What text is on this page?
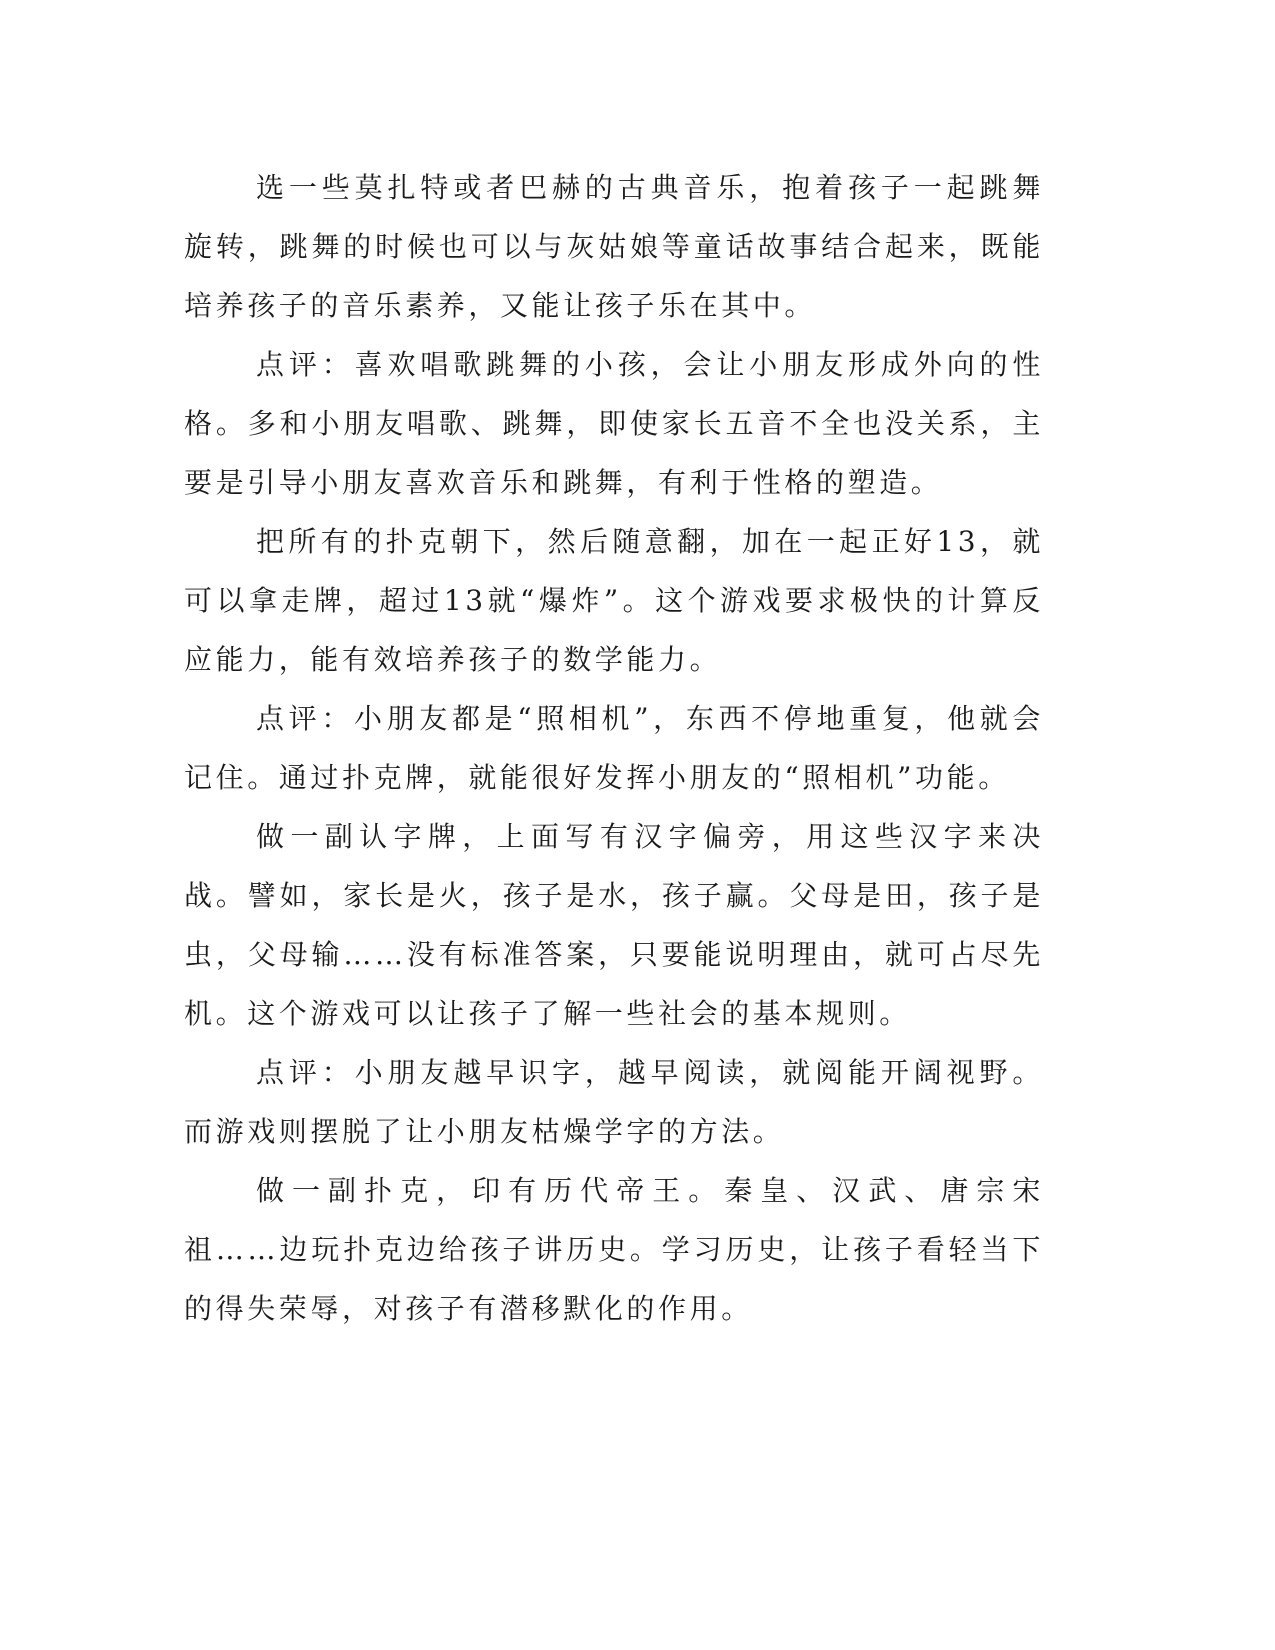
选一些莫扎特或者巴赫的古典音乐，抱着孩子一起跳舞旋转，跳舞的时候也可以与灰姑娘等童话故事结合起来，既能培养孩子的音乐素养，又能让孩子乐在其中。

点评：喜欢唱歌跳舞的小孩，会让小朋友形成外向的性格。多和小朋友唱歌、跳舞，即使家长五音不全也没关系，主要是引导小朋友喜欢音乐和跳舞，有利于性格的塑造。

把所有的扑克朝下，然后随意翻，加在一起正好13，就可以拿走牌，超过13就“爆炸”。这个游戏要求极快的计算反应能力，能有效培养孩子的数学能力。

点评：小朋友都是“照相机”，东西不停地重复，他就会记住。通过扑克牌，就能很好发挥小朋友的“照相机”功能。

做一副认字牌，上面写有汉字偏旁，用这些汉字来决战。譬如，家长是火，孩子是水，孩子赢。父母是田，孩子是虫，父母输……没有标准答案，只要能说明理由，就可占尽先机。这个游戏可以让孩子了解一些社会的基本规则。

点评：小朋友越早识字，越早阅读，就阅能开阔视野。而游戏则摆脱了让小朋友枯燥学字的方法。

做一副扑克，印有历代帝王。秦皇、汉武、唐宗宋祖……边玩扑克边给孩子讲历史。学习历史，让孩子看轻当下的得失荣辱，对孩子有潜移默化的作用。
